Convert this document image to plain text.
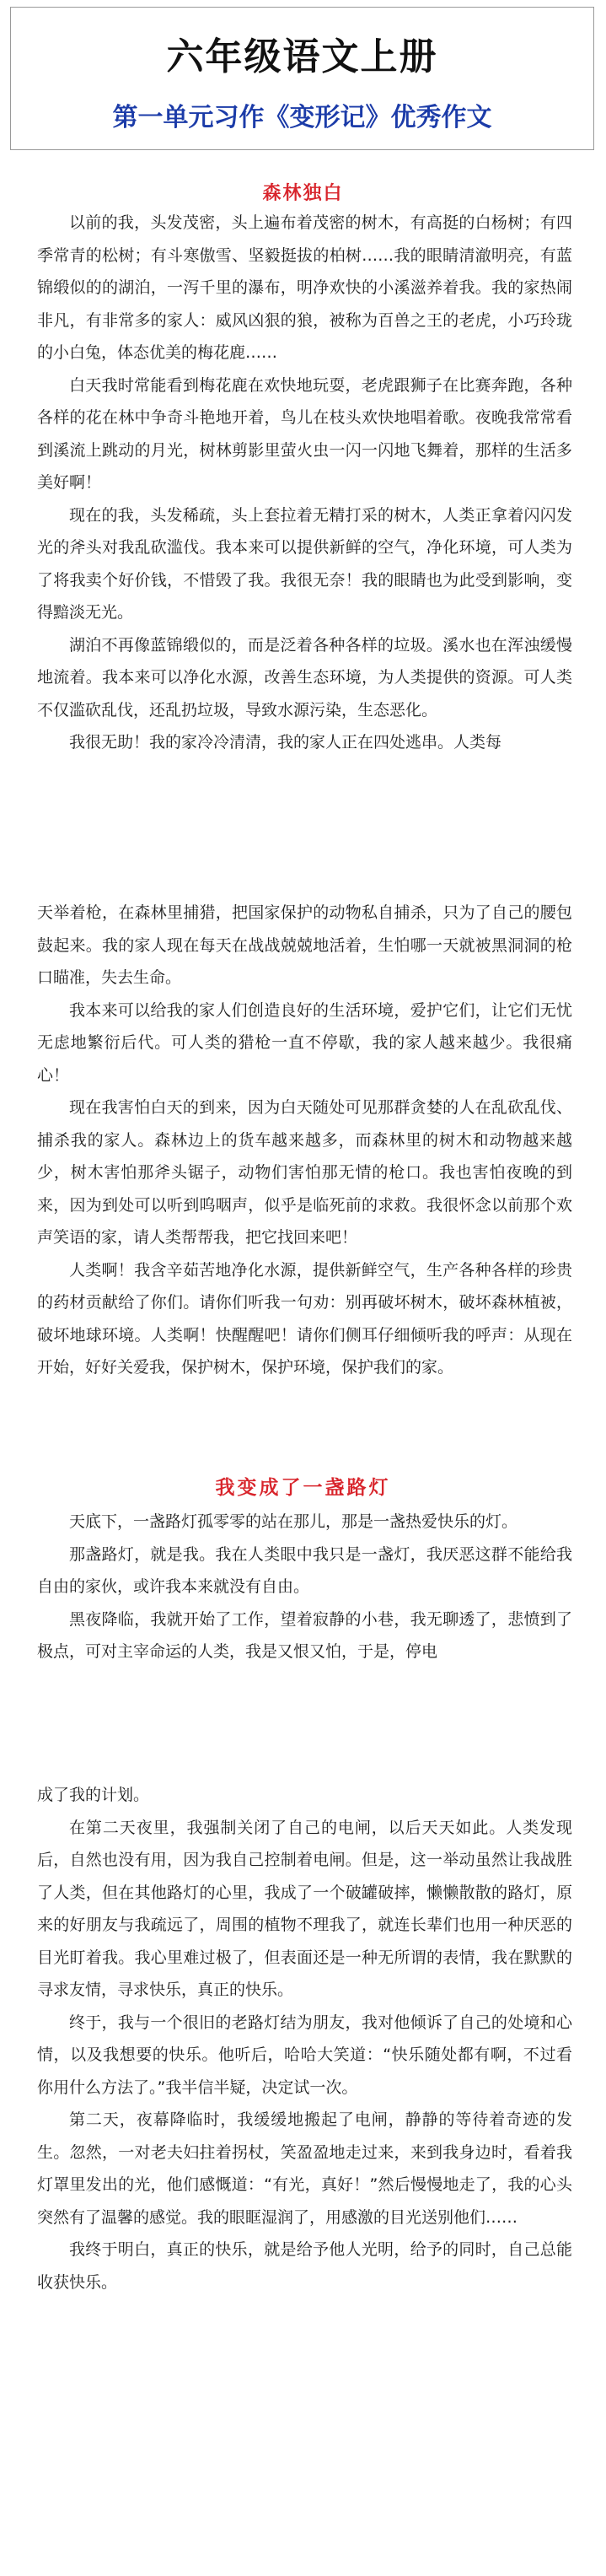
六年级语文上册
第一单元习作《变形记》优秀作文
森林独白

以前的我，头发茂密，头上遍布着茂密的树木，有高挺的白杨树；有四季常青的松树；有斗寒傲雪、坚毅挺拔的柏树……我的眼睛清澈明亮，有蓝锦缎似的的湖泊，一泻千里的瀑布，明净欢快的小溪滋养着我。我的家热闹非凡，有非常多的家人：威风凶狠的狼，被称为百兽之王的老虎，小巧玲珑的小白兔，体态优美的梅花鹿……

白天我时常能看到梅花鹿在欢快地玩耍，老虎跟狮子在比赛奔跑，各种各样的花在林中争奇斗艳地开着，鸟儿在枝头欢快地唱着歌。夜晚我常常看到溪流上跳动的月光，树林剪影里萤火虫一闪一闪地飞舞着，那样的生活多美好啊！

现在的我，头发稀疏，头上套拉着无精打采的树木，人类正拿着闪闪发光的斧头对我乱砍滥伐。我本来可以提供新鲜的空气，净化环境，可人类为了将我卖个好价钱，不惜毁了我。我很无奈！我的眼睛也为此受到影响，变得黯淡无光。

湖泊不再像蓝锦缎似的，而是泛着各种各样的垃圾。溪水也在浑浊缓慢地流着。我本来可以净化水源，改善生态环境，为人类提供的资源。可人类不仅滥砍乱伐，还乱扔垃圾，导致水源污染，生态恶化。

我很无助！我的家冷冷清清，我的家人正在四处逃串。人类每

天举着枪，在森林里捕猎，把国家保护的动物私自捕杀，只为了自己的腰包鼓起来。我的家人现在每天在战战兢兢地活着，生怕哪一天就被黑洞洞的枪口瞄准，失去生命。

我本来可以给我的家人们创造良好的生活环境，爱护它们，让它们无忧无虑地繁衍后代。可人类的猎枪一直不停歇，我的家人越来越少。我很痛心！

现在我害怕白天的到来，因为白天随处可见那群贪婪的人在乱砍乱伐、捕杀我的家人。森林边上的货车越来越多，而森林里的树木和动物越来越少，树木害怕那斧头锯子，动物们害怕那无情的枪口。我也害怕夜晚的到来，因为到处可以听到呜咽声，似乎是临死前的求救。我很怀念以前那个欢声笑语的家，请人类帮帮我，把它找回来吧！

人类啊！我含辛茹苦地净化水源，提供新鲜空气，生产各种各样的珍贵的药材贡献给了你们。请你们听我一句劝：别再破坏树木，破坏森林植被，破坏地球环境。人类啊！快醒醒吧！请你们侧耳仔细倾听我的呼声：从现在开始，好好关爱我，保护树木，保护环境，保护我们的家。

我变成了一盏路灯

天底下，一盏路灯孤零零的站在那儿，那是一盏热爱快乐的灯。

那盏路灯，就是我。我在人类眼中我只是一盏灯，我厌恶这群不能给我自由的家伙，或许我本来就没有自由。

黑夜降临，我就开始了工作，望着寂静的小巷，我无聊透了，悲愤到了极点，可对主宰命运的人类，我是又恨又怕，于是，停电

成了我的计划。

在第二天夜里，我强制关闭了自己的电闸，以后天天如此。人类发现后，自然也没有用，因为我自己控制着电闸。但是，这一举动虽然让我战胜了人类，但在其他路灯的心里，我成了一个破罐破摔，懒懒散散的路灯，原来的好朋友与我疏远了，周围的植物不理我了，就连长辈们也用一种厌恶的目光盯着我。我心里难过极了，但表面还是一种无所谓的表情，我在默默的寻求友情，寻求快乐，真正的快乐。

终于，我与一个很旧的老路灯结为朋友，我对他倾诉了自己的处境和心情，以及我想要的快乐。他听后，哈哈大笑道：“快乐随处都有啊，不过看你用什么方法了。”我半信半疑，决定试一次。

第二天，夜幕降临时，我缓缓地搬起了电闸，静静的等待着奇迹的发生。忽然，一对老夫妇拄着拐杖，笑盈盈地走过来，来到我身边时，看着我灯罩里发出的光，他们感慨道：“有光，真好！”然后慢慢地走了，我的心头突然有了温馨的感觉。我的眼眶湿润了，用感激的目光送别他们……

我终于明白，真正的快乐，就是给予他人光明，给予的同时，自己总能收获快乐。
